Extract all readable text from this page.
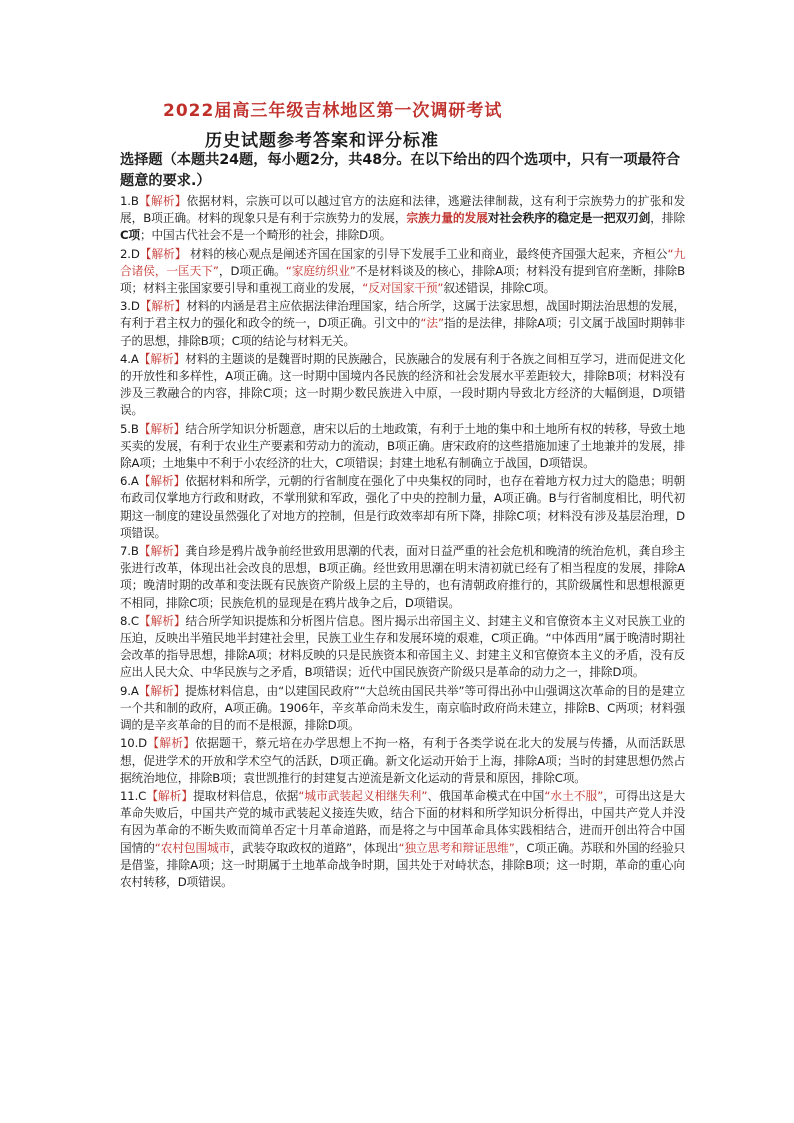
2022届高三年级吉林地区第一次调研考试
历史试题参考答案和评分标准
选择题（本题共24题，每小题2分，共48分。在以下给出的四个选项中，只有一项最符合题意的要求.）

1.B【解析】依据材料，宗族可以可以越过官方的法庭和法律，逃避法律制裁，这有利于宗族势力的扩张和发展，B项正确。材料的现象只是有利于宗族势力的发展，宗族力量的发展对社会秩序的稳定是一把双刃剑，排除C项；中国古代社会不是一个畸形的社会，排除D项。

2.D【解析】 材料的核心观点是阐述齐国在国家的引导下发展手工业和商业，最终使齐国强大起来，齐桓公“九合诸侯，一匡天下”，D项正确。“家庭纺织业”不是材料谈及的核心，排除A项；材料没有提到官府垄断，排除B项；材料主张国家要引导和重视工商业的发展，“反对国家干预”叙述错误，排除C项。

3.D【解析】材料的内涵是君主应依据法律治理国家，结合所学，这属于法家思想，战国时期法治思想的发展，有利于君主权力的强化和政令的统一，D项正确。引文中的“法”指的是法律，排除A项；引文属于战国时期韩非子的思想，排除B项；C项的结论与材料无关。

4.A【解析】材料的主题谈的是魏晋时期的民族融合，民族融合的发展有利于各族之间相互学习，进而促进文化的开放性和多样性，A项正确。这一时期中国境内各民族的经济和社会发展水平差距较大，排除B项；材料没有涉及三教融合的内容，排除C项；这一时期少数民族进入中原，一段时期内导致北方经济的大幅倒退，D项错误。

5.B【解析】结合所学知识分析题意，唐宋以后的土地政策，有利于土地的集中和土地所有权的转移，导致土地买卖的发展，有利于农业生产要素和劳动力的流动，B项正确。唐宋政府的这些措施加速了土地兼并的发展，排除A项；土地集中不利于小农经济的壮大，C项错误；封建土地私有制确立于战国，D项错误。

6.A【解析】依据材料和所学，元朝的行省制度在强化了中央集权的同时，也存在着地方权力过大的隐患；明朝布政司仅掌地方行政和财政，不掌刑狱和军政，强化了中央的控制力量，A项正确。B与行省制度相比，明代初期这一制度的建设虽然强化了对地方的控制，但是行政效率却有所下降，排除C项；材料没有涉及基层治理，D项错误。

7.B【解析】龚自珍是鸦片战争前经世致用思潮的代表，面对日益严重的社会危机和晚清的统治危机，龚自珍主张进行改革，体现出社会改良的思想，B项正确。经世致用思潮在明末清初就已经有了相当程度的发展，排除A项；晚清时期的改革和变法既有民族资产阶级上层的主导的，也有清朝政府推行的，其阶级属性和思想根源更不相同，排除C项；民族危机的显现是在鸦片战争之后，D项错误。

8.C【解析】结合所学知识提炼和分析图片信息。图片揭示出帝国主义、封建主义和官僚资本主义对民族工业的压迫，反映出半殖民地半封建社会里，民族工业生存和发展环境的艰难，C项正确。“中体西用”属于晚清时期社会改革的指导思想，排除A项；材料反映的只是民族资本和帝国主义、封建主义和官僚资本主义的矛盾，没有反应出人民大众、中华民族与之矛盾，B项错误；近代中国民族资产阶级只是革命的动力之一，排除D项。

9.A【解析】提炼材料信息，由“以建国民政府”“大总统由国民共举”等可得出孙中山强调这次革命的目的是建立一个共和制的政府，A项正确。1906年，辛亥革命尚未发生，南京临时政府尚未建立，排除B、C两项；材料强调的是辛亥革命的目的而不是根源，排除D项。

10.D【解析】依据题干，蔡元培在办学思想上不拘一格，有利于各类学说在北大的发展与传播，从而活跃思想，促进学术的开放和学术空气的活跃，D项正确。新文化运动开始于上海，排除A项；当时的封建思想仍然占据统治地位，排除B项；袁世凯推行的封建复古逆流是新文化运动的背景和原因，排除C项。

11.C【解析】提取材料信息，依据“城市武装起义相继失利”、俄国革命模式在中国“水土不服”，可得出这是大革命失败后，中国共产党的城市武装起义接连失败，结合下面的材料和所学知识分析得出，中国共产党人并没有因为革命的不断失败而简单否定十月革命道路，而是将之与中国革命具体实践相结合，进而开创出符合中国国情的“农村包围城市，武装夺取政权的道路”，体现出“独立思考和辩证思维”，C项正确。苏联和外国的经验只是借鉴，排除A项；这一时期属于土地革命战争时期，国共处于对峙状态，排除B项；这一时期，革命的重心向农村转移，D项错误。
